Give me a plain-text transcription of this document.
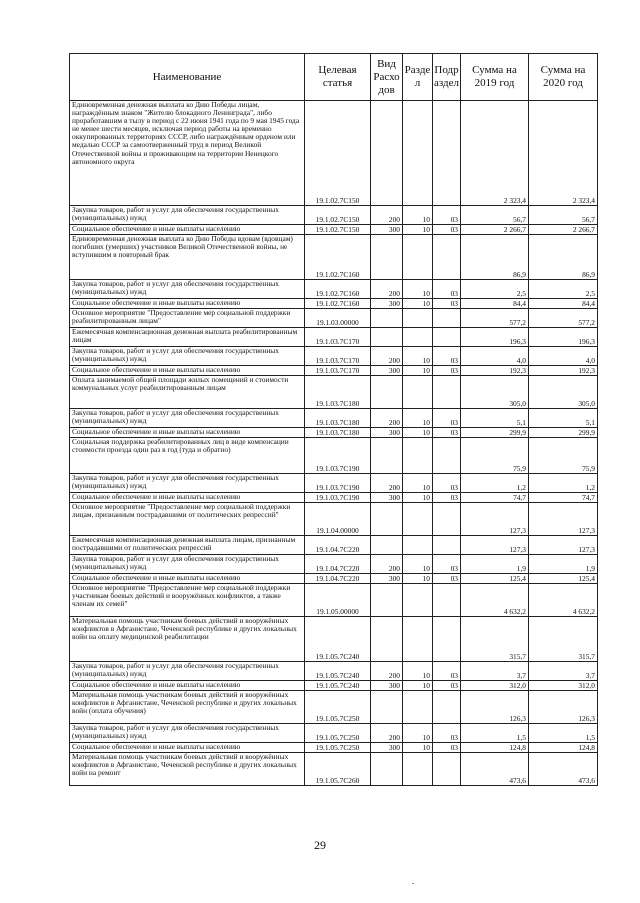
Наименование	Целевая статья	Вид Расходов	Раздел	Подраздел	Сумма на 2019 год	Сумма на 2020 год
Единовременная денежная выплата ко Дню Победы лицам, награждённым знаком "Жителю блокадного Ленинграда", либо проработавшим в тылу в период с 22 июня 1941 года по 9 мая 1945 года не менее шести месяцев, исключая период работы на временно оккупированных территориях СССР, либо награждённым орденом или медалью СССР за самоотверженный труд в период Великой Отечественной войны и проживающим на территории Ненецкого автономного округа	19.1.02.7С150				2 323,4	2 323,4
Закупка товаров, работ и услуг для обеспечения государственных (муниципальных) нужд	19.1.02.7С150	200	10	03	56,7	56,7
Социальное обеспечение и иные выплаты населению	19.1.02.7С150	300	10	03	2 266,7	2 266,7
Единовременная денежная выплата ко Дню Победы вдовам (вдовцам) погибших (умерших) участников Великой Отечественной войны, не вступившим в повторный брак	19.1.02.7С160				86,9	86,9
Закупка товаров, работ и услуг для обеспечения государственных (муниципальных) нужд	19.1.02.7С160	200	10	03	2,5	2,5
Социальное обеспечение и иные выплаты населению	19.1.02.7С160	300	10	03	84,4	84,4
Основное мероприятие "Предоставление мер социальной поддержки реабилитированным лицам"	19.1.03.00000				577,2	577,2
Ежемесячная компенсационная денежная выплата реабилитированным лицам	19.1.03.7С170				196,3	196,3
Закупка товаров, работ и услуг для обеспечения государственных (муниципальных) нужд	19.1.03.7С170	200	10	03	4,0	4,0
Социальное обеспечение и иные выплаты населению	19.1.03.7С170	300	10	03	192,3	192,3
Оплата занимаемой общей площади жилых помещений и стоимости коммунальных услуг реабилитированным лицам	19.1.03.7С180				305,0	305,0
Закупка товаров, работ и услуг для обеспечения государственных (муниципальных) нужд	19.1.03.7С180	200	10	03	5,1	5,1
Социальное обеспечение и иные выплаты населению	19.1.03.7С180	300	10	03	299,9	299,9
Социальная поддержка реабилитированных лиц в виде компенсации стоимости проезда один раз в год (туда и обратно)	19.1.03.7С190				75,9	75,9
Закупка товаров, работ и услуг для обеспечения государственных (муниципальных) нужд	19.1.03.7С190	200	10	03	1,2	1,2
Социальное обеспечение и иные выплаты населению	19.1.03.7С190	300	10	03	74,7	74,7
Основное мероприятие "Предоставление мер социальной поддержки лицам, признанным пострадавшими от политических репрессий"	19.1.04.00000				127,3	127,3
Ежемесячная компенсационная денежная выплата лицам, признанным пострадавшими от политических репрессий	19.1.04.7С220				127,3	127,3
Закупка товаров, работ и услуг для обеспечения государственных (муниципальных) нужд	19.1.04.7С220	200	10	03	1,9	1,9
Социальное обеспечение и иные выплаты населению	19.1.04.7С220	300	10	03	125,4	125,4
Основное мероприятие "Предоставление мер социальной поддержки участникам боевых действий и вооружённых конфликтов, а также членам их семей"	19.1.05.00000				4 632,2	4 632,2
Материальная помощь участникам боевых действий и вооружённых конфликтов в Афганистане, Чеченской республике и других локальных войн на оплату медицинской реабилитации	19.1.05.7С240				315,7	315,7
Закупка товаров, работ и услуг для обеспечения государственных (муниципальных) нужд	19.1.05.7С240	200	10	03	3,7	3,7
Социальное обеспечение и иные выплаты населению	19.1.05.7С240	300	10	03	312,0	312,0
Материальная помощь участникам боевых действий и вооружённых конфликтов в Афганистане, Чеченской республике и других локальных войн (оплата обучения)	19.1.05.7С250				126,3	126,3
Закупка товаров, работ и услуг для обеспечения государственных (муниципальных) нужд	19.1.05.7С250	200	10	03	1,5	1,5
Социальное обеспечение и иные выплаты населению	19.1.05.7С250	300	10	03	124,8	124,8
Материальная помощь участникам боевых действий и вооружённых конфликтов в Афганистане, Чеченской республике и других локальных войн на ремонт	19.1.05.7С260				473,6	473,6
29
